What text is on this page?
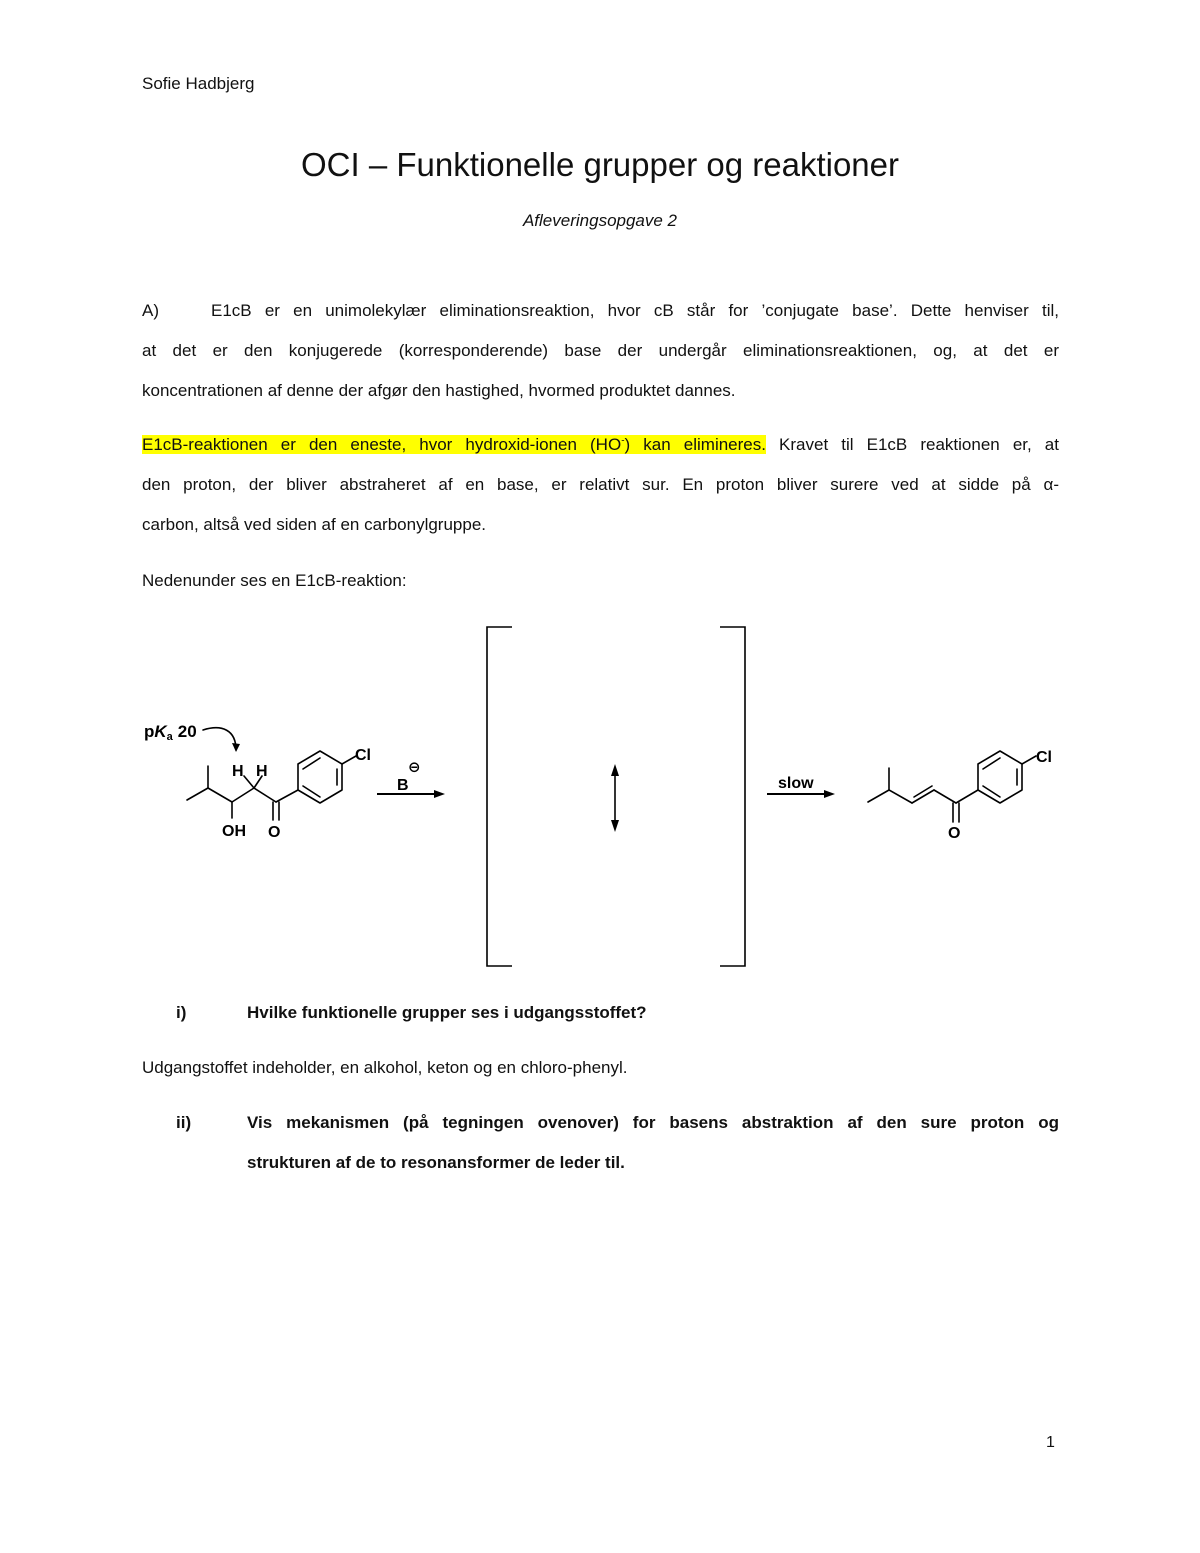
Sofie Hadbjerg
OCI – Funktionelle grupper og reaktioner
Afleveringsopgave 2
A)	E1cB er en unimolekylær eliminationsreaktion, hvor cB står for ’conjugate base’. Dette henviser til,
at det er den konjugerede (korresponderende) base der undergår eliminationsreaktionen, og, at det er
koncentrationen af denne der afgør den hastighed, hvormed produktet dannes.
E1cB-reaktionen er den eneste, hvor hydroxid-ionen (HO-) kan elimineres. Kravet til E1cB reaktionen er, at
den proton, der bliver abstraheret af en base, er relativt sur. En proton bliver surere ved at sidde på α-
carbon, altså ved siden af en carbonylgruppe.
Nedenunder ses en E1cB-reaktion:
pKa 20
H H
OH O
Cl
B
⊖
slow
O
Cl
i)	Hvilke funktionelle grupper ses i udgangsstoffet?
Udgangstoffet indeholder, en alkohol, keton og en chloro-phenyl.
ii)	Vis mekanismen (på tegningen ovenover) for basens abstraktion af den sure proton og
strukturen af de to resonansformer de leder til.
1
